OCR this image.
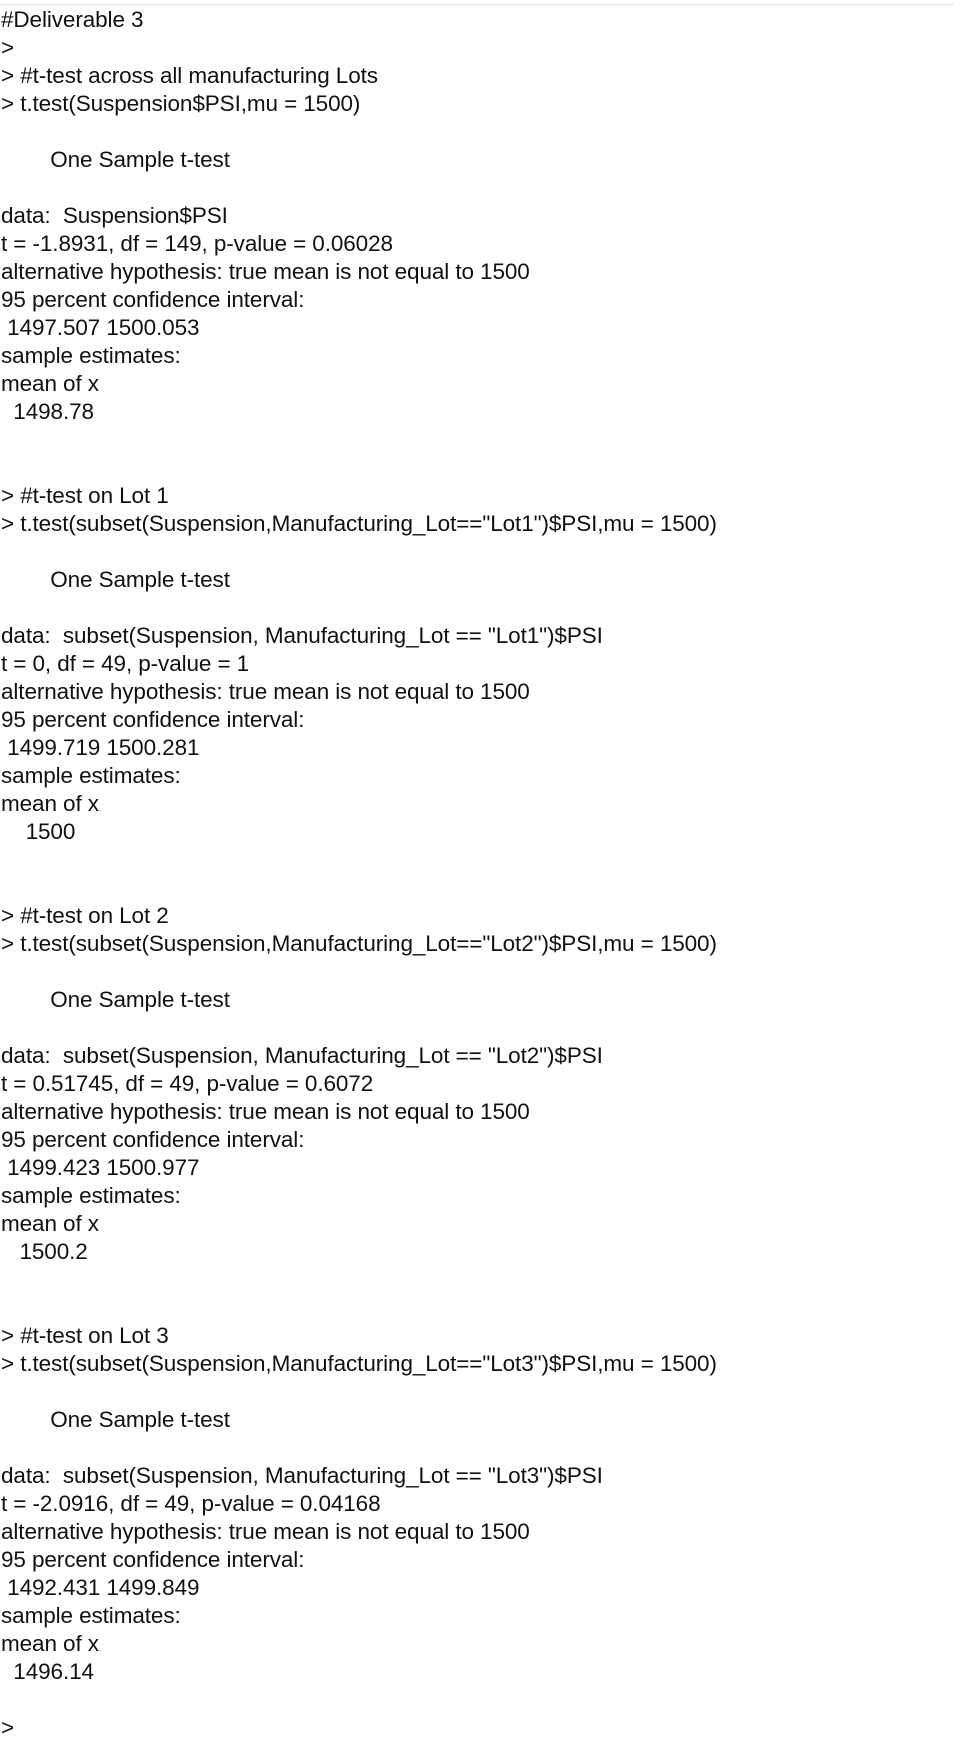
#Deliverable 3
>
> #t-test across all manufacturing Lots
> t.test(Suspension$PSI,mu = 1500)
One Sample t-test
data:  Suspension$PSI
t = -1.8931, df = 149, p-value = 0.06028
alternative hypothesis: true mean is not equal to 1500
95 percent confidence interval:
1497.507 1500.053
sample estimates:
mean of x
1498.78
> #t-test on Lot 1
> t.test(subset(Suspension,Manufacturing_Lot=="Lot1")$PSI,mu = 1500)
One Sample t-test
data:  subset(Suspension, Manufacturing_Lot == "Lot1")$PSI
t = 0, df = 49, p-value = 1
alternative hypothesis: true mean is not equal to 1500
95 percent confidence interval:
1499.719 1500.281
sample estimates:
mean of x
1500
> #t-test on Lot 2
> t.test(subset(Suspension,Manufacturing_Lot=="Lot2")$PSI,mu = 1500)
One Sample t-test
data:  subset(Suspension, Manufacturing_Lot == "Lot2")$PSI
t = 0.51745, df = 49, p-value = 0.6072
alternative hypothesis: true mean is not equal to 1500
95 percent confidence interval:
1499.423 1500.977
sample estimates:
mean of x
1500.2
> #t-test on Lot 3
> t.test(subset(Suspension,Manufacturing_Lot=="Lot3")$PSI,mu = 1500)
One Sample t-test
data:  subset(Suspension, Manufacturing_Lot == "Lot3")$PSI
t = -2.0916, df = 49, p-value = 0.04168
alternative hypothesis: true mean is not equal to 1500
95 percent confidence interval:
1492.431 1499.849
sample estimates:
mean of x
1496.14
>
